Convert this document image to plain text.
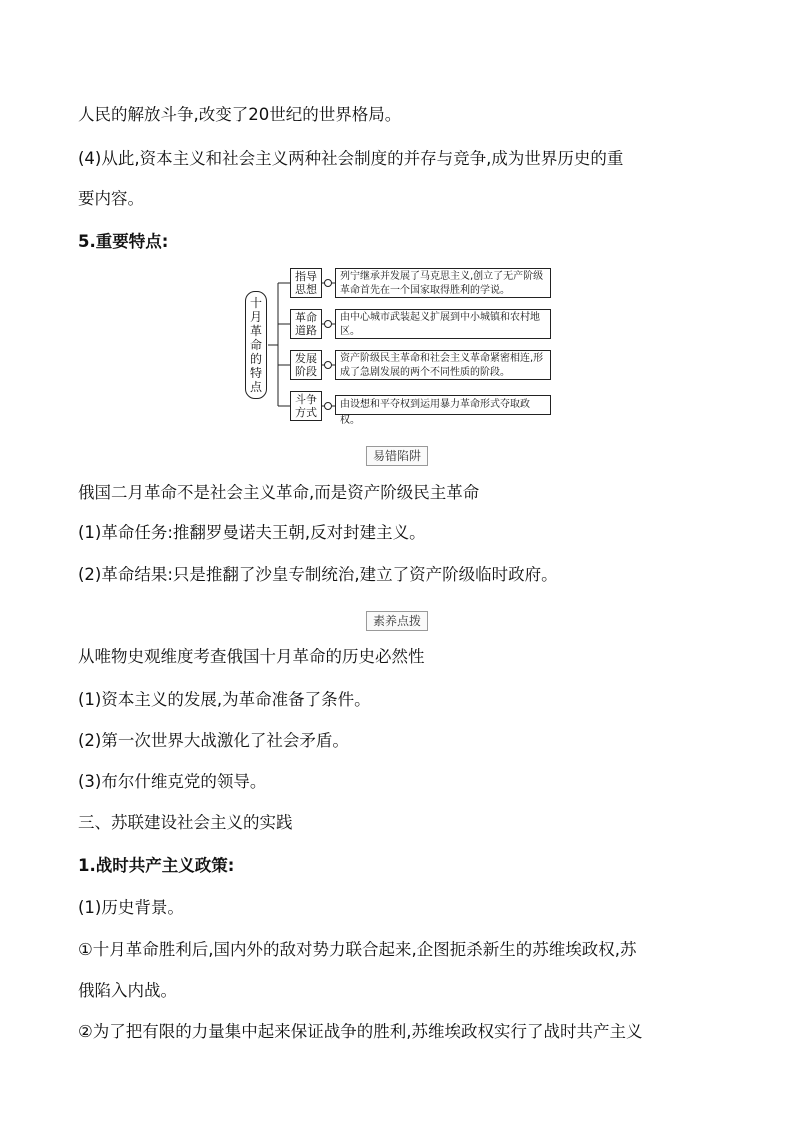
人民的解放斗争,改变了20世纪的世界格局。
(4)从此,资本主义和社会主义两种社会制度的并存与竞争,成为世界历史的重
要内容。
5.重要特点:
十月革命的特点
指导思想
列宁继承并发展了马克思主义,创立了无产阶级革命首先在一个国家取得胜利的学说。
革命道路
由中心城市武装起义扩展到中小城镇和农村地区。
发展阶段
资产阶级民主革命和社会主义革命紧密相连,形成了急剧发展的两个不同性质的阶段。
斗争方式
由设想和平夺权到运用暴力革命形式夺取政权。
易错陷阱
俄国二月革命不是社会主义革命,而是资产阶级民主革命
(1)革命任务:推翻罗曼诺夫王朝,反对封建主义。
(2)革命结果:只是推翻了沙皇专制统治,建立了资产阶级临时政府。
素养点拨
从唯物史观维度考查俄国十月革命的历史必然性
(1)资本主义的发展,为革命准备了条件。
(2)第一次世界大战激化了社会矛盾。
(3)布尔什维克党的领导。
三、苏联建设社会主义的实践
1.战时共产主义政策:
(1)历史背景。
①十月革命胜利后,国内外的敌对势力联合起来,企图扼杀新生的苏维埃政权,苏
俄陷入内战。
②为了把有限的力量集中起来保证战争的胜利,苏维埃政权实行了战时共产主义
